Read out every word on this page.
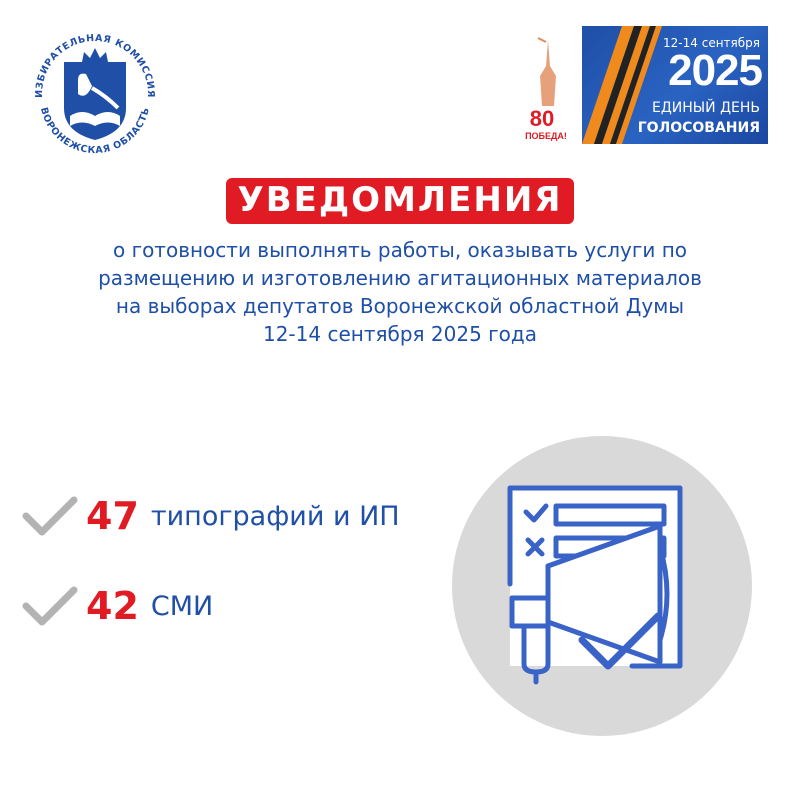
ИЗБИРАТЕЛЬНАЯ КОМИССИЯ
ВОРОНЕЖСКАЯ ОБЛАСТЬ	80
ПОБЕДА!
12-14 сентября
2025
ЕДИНЫЙ ДЕНЬ
ГОЛОСОВАНИЯ
УВЕДОМЛЕНИЯ
о готовности выполнять работы, оказывать услуги по
размещению и изготовлению агитационных материалов
на выборах депутатов Воронежской областной Думы
12-14 сентября 2025 года
47 типографий и ИП
42 СМИ
